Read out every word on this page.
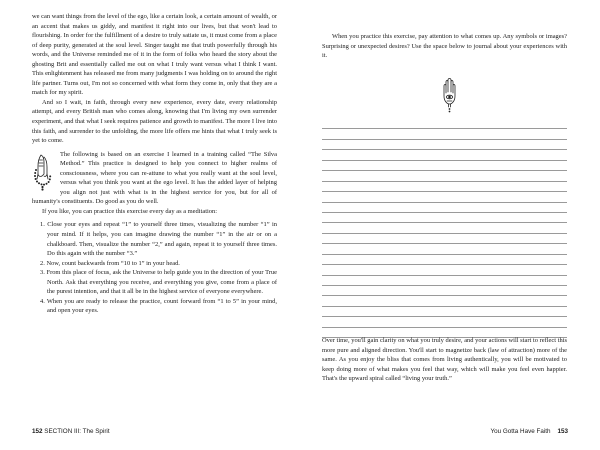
we can want things from the level of the ego, like a certain look, a certain amount of wealth, or an accent that makes us giddy, and manifest it right into our lives, but that won't lead to flourishing. In order for the fulfillment of a desire to truly satiate us, it must come from a place of deep purity, generated at the soul level. Singer taught me that truth powerfully through his words, and the Universe reminded me of it in the form of folks who heard the story about the ghosting Brit and essentially called me out on what I truly want versus what I think I want. This enlightenment has released me from many judgments I was holding on to around the right life partner. Turns out, I'm not so concerned with what form they come in, only that they are a match for my spirit.

And so I wait, in faith, through every new experience, every date, every relationship attempt, and every British man who comes along, knowing that I'm living my own surrender experiment, and that what I seek requires patience and growth to manifest. The more I live into this faith, and surrender to the unfolding, the more life offers me hints that what I truly seek is yet to come.

The following is based on an exercise I learned in a training called “The Silva Method.” This practice is designed to help you connect to higher realms of consciousness, where you can re-attune to what you really want at the soul level, versus what you think you want at the ego level. It has the added layer of helping you align not just with what is in the highest service for you, but for all of humanity's constituents. Do good as you do well.

If you like, you can practice this exercise every day as a meditation:

1. Close your eyes and repeat “1” to yourself three times, visualizing the number “1” in your mind. If it helps, you can imagine drawing the number “1” in the air or on a chalkboard. Then, visualize the number “2,” and again, repeat it to yourself three times. Do this again with the number “3.”
2. Now, count backwards from “10 to 1” in your head.
3. From this place of focus, ask the Universe to help guide you in the direction of your True North. Ask that everything you receive, and everything you give, come from a place of the purest intention, and that it all be in the highest service of everyone everywhere.
4. When you are ready to release the practice, count forward from “1 to 5” in your mind, and open your eyes.
152 SECTION III: The Spirit

When you practice this exercise, pay attention to what comes up. Any symbols or images? Surprising or unexpected desires? Use the space below to journal about your experiences with it.

Over time, you'll gain clarity on what you truly desire, and your actions will start to reflect this more pure and aligned direction. You'll start to magnetize back (law of attraction) more of the same. As you enjoy the bliss that comes from living authentically, you will be motivated to keep doing more of what makes you feel that way, which will make you feel even happier. That's the upward spiral called “living your truth.”

You Gotta Have Faith 153
